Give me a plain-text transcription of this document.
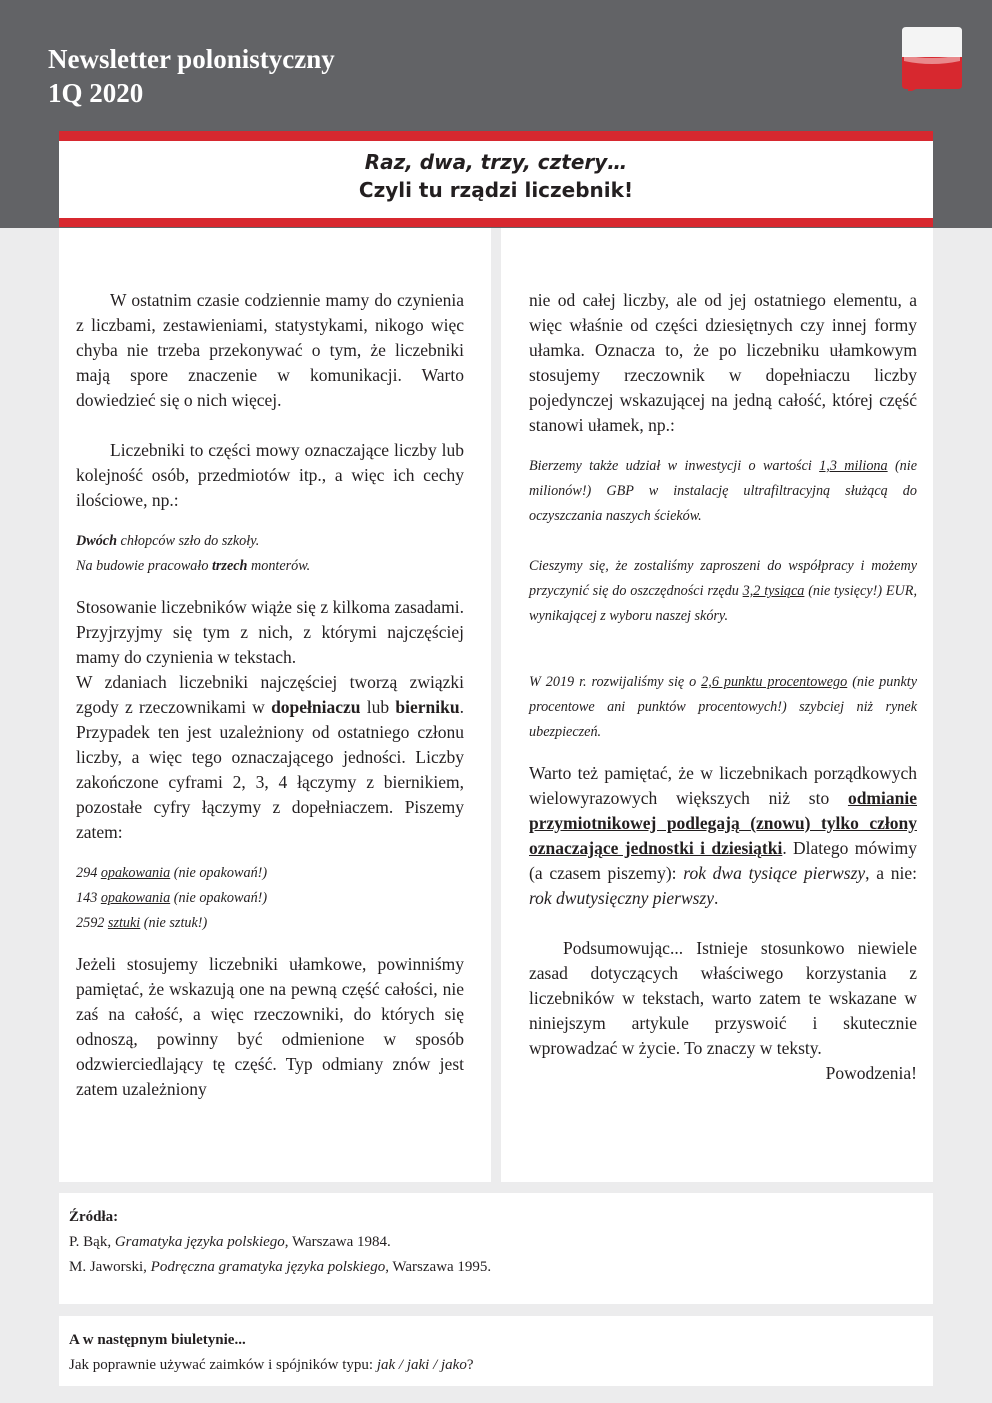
Newsletter polonistyczny
1Q 2020
Raz, dwa, trzy, cztery…
Czyli tu rządzi liczebnik!

W ostatnim czasie codziennie mamy do czynienia z liczbami, zestawieniami, statystykami, nikogo więc chyba nie trzeba przekonywać o tym, że liczebniki mają spore znaczenie w komunikacji. Warto dowiedzieć się o nich więcej.

Liczebniki to części mowy oznaczające liczby lub kolejność osób, przedmiotów itp., a więc ich cechy ilościowe, np.:

Dwóch chłopców szło do szkoły.

Na budowie pracowało trzech monterów.

Stosowanie liczebników wiąże się z kilkoma zasadami. Przyjrzyjmy się tym z nich, z którymi najczęściej mamy do czynienia w tekstach.

W zdaniach liczebniki najczęściej tworzą związki zgody z rzeczownikami w dopełniaczu lub bierniku. Przypadek ten jest uzależniony od ostatniego członu liczby, a więc tego oznaczającego jedności. Liczby zakończone cyframi 2, 3, 4 łączymy z biernikiem, pozostałe cyfry łączymy z dopełniaczem. Piszemy zatem:

294 opakowania (nie opakowań!)

143 opakowania (nie opakowań!)

2592 sztuki (nie sztuk!)

Jeżeli stosujemy liczebniki ułamkowe, powinniśmy pamiętać, że wskazują one na pewną część całości, nie zaś na całość, a więc rzeczowniki, do których się odnoszą, powinny być odmienione w sposób odzwierciedlający tę część. Typ odmiany znów jest zatem uzależniony

nie od całej liczby, ale od jej ostatniego elementu, a więc właśnie od części dziesiętnych czy innej formy ułamka. Oznacza to, że po liczebniku ułamkowym stosujemy rzeczownik w dopełniaczu liczby pojedynczej wskazującej na jedną całość, której część stanowi ułamek, np.:

Bierzemy także udział w inwestycji o wartości 1,3 miliona (nie milionów!) GBP w instalację ultrafiltracyjną służącą do oczyszczania naszych ścieków.

Cieszymy się, że zostaliśmy zaproszeni do współpracy i możemy przyczynić się do oszczędności rzędu 3,2 tysiąca (nie tysięcy!) EUR, wynikającej z wyboru naszej skóry.

W 2019 r. rozwijaliśmy się o 2,6 punktu procentowego (nie punkty procentowe ani punktów procentowych!) szybciej niż rynek ubezpieczeń.

Warto też pamiętać, że w liczebnikach porządkowych wielowyrazowych większych niż sto odmianie przymiotnikowej podlegają (znowu) tylko człony oznaczające jednostki i dziesiątki. Dlatego mówimy (a czasem piszemy): rok dwa tysiące pierwszy, a nie: rok dwutysięczny pierwszy.

Podsumowując... Istnieje stosunkowo niewiele zasad dotyczących właściwego korzystania z liczebników w tekstach, warto zatem te wskazane w niniejszym artykule przyswoić i skutecznie wprowadzać w życie. To znaczy w teksty.

Powodzenia!

Źródła:
P. Bąk, Gramatyka języka polskiego, Warszawa 1984.
M. Jaworski, Podręczna gramatyka języka polskiego, Warszawa 1995.
A w następnym biuletynie...
Jak poprawnie używać zaimków i spójników typu: jak / jaki / jako?
